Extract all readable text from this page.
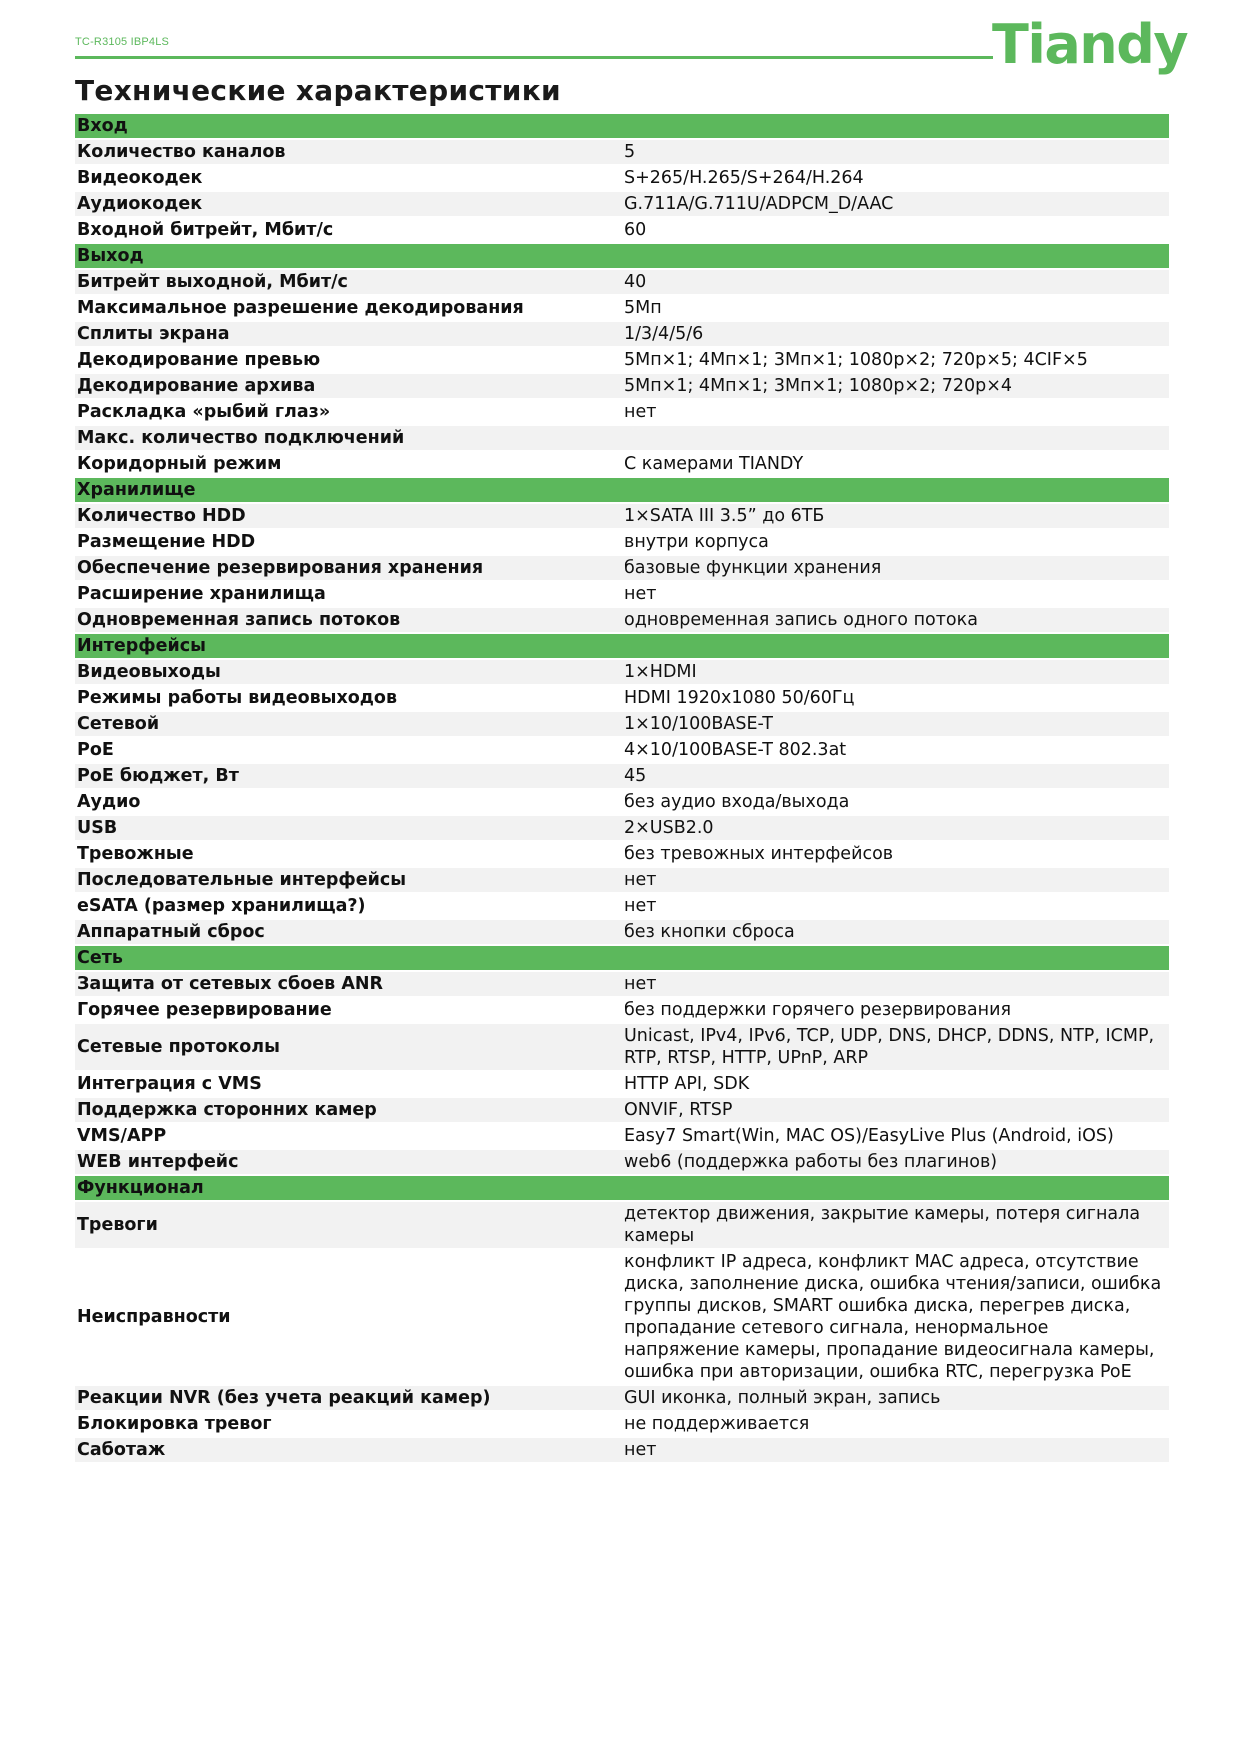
TC-R3105 IBP4LS	Tiandy
Технические характеристики
Вход	
Количество каналов	5
Видеокодек	S+265/H.265/S+264/H.264
Аудиокодек	G.711A/G.711U/ADPCM_D/AAC
Входной битрейт, Мбит/с	60
Выход	
Битрейт выходной, Мбит/с	40
Максимальное разрешение декодирования	5Мп
Сплиты экрана	1/3/4/5/6
Декодирование превью	5Мп×1; 4Мп×1; 3Мп×1; 1080p×2; 720p×5; 4CIF×5
Декодирование архива	5Мп×1; 4Мп×1; 3Мп×1; 1080p×2; 720p×4
Раскладка «рыбий глаз»	нет
Макс. количество подключений	
Коридорный режим	С камерами TIANDY
Хранилище	
Количество HDD	1×SATA III 3.5” до 6ТБ
Размещение HDD	внутри корпуса
Обеспечение резервирования хранения	базовые функции хранения
Расширение хранилища	нет
Одновременная запись потоков	одновременная запись одного потока
Интерфейсы	
Видеовыходы	1×HDMI
Режимы работы видеовыходов	HDMI 1920x1080 50/60Гц
Сетевой	1×10/100BASE-T
PoE	4×10/100BASE-T 802.3at
PoE бюджет, Вт	45
Аудио	без аудио входа/выхода
USB	2×USB2.0
Тревожные	без тревожных интерфейсов
Последовательные интерфейсы	нет
eSATA (размер хранилища?)	нет
Аппаратный сброс	без кнопки сброса
Сеть	
Защита от сетевых сбоев ANR	нет
Горячее резервирование	без поддержки горячего резервирования
Сетевые протоколы	Unicast, IPv4, IPv6, TCP, UDP, DNS, DHCP, DDNS, NTP, ICMP, RTP, RTSP, HTTP, UPnP, ARP
Интеграция с VMS	HTTP API, SDK
Поддержка сторонних камер	ONVIF, RTSP
VMS/APP	Easy7 Smart(Win, MAC OS)/EasyLive Plus (Android, iOS)
WEB интерфейс	web6 (поддержка работы без плагинов)
Функционал	
Тревоги	детектор движения, закрытие камеры, потеря сигнала камеры
Неисправности	конфликт IP адреса, конфликт MAC адреса, отсутствие диска, заполнение диска, ошибка чтения/записи, ошибка группы дисков, SMART ошибка диска, перегрев диска, пропадание сетевого сигнала, ненормальное напряжение камеры, пропадание видеосигнала камеры, ошибка при авторизации, ошибка RTC, перегрузка PoE
Реакции NVR (без учета реакций камер)	GUI иконка, полный экран, запись
Блокировка тревог	не поддерживается
Саботаж	нет
